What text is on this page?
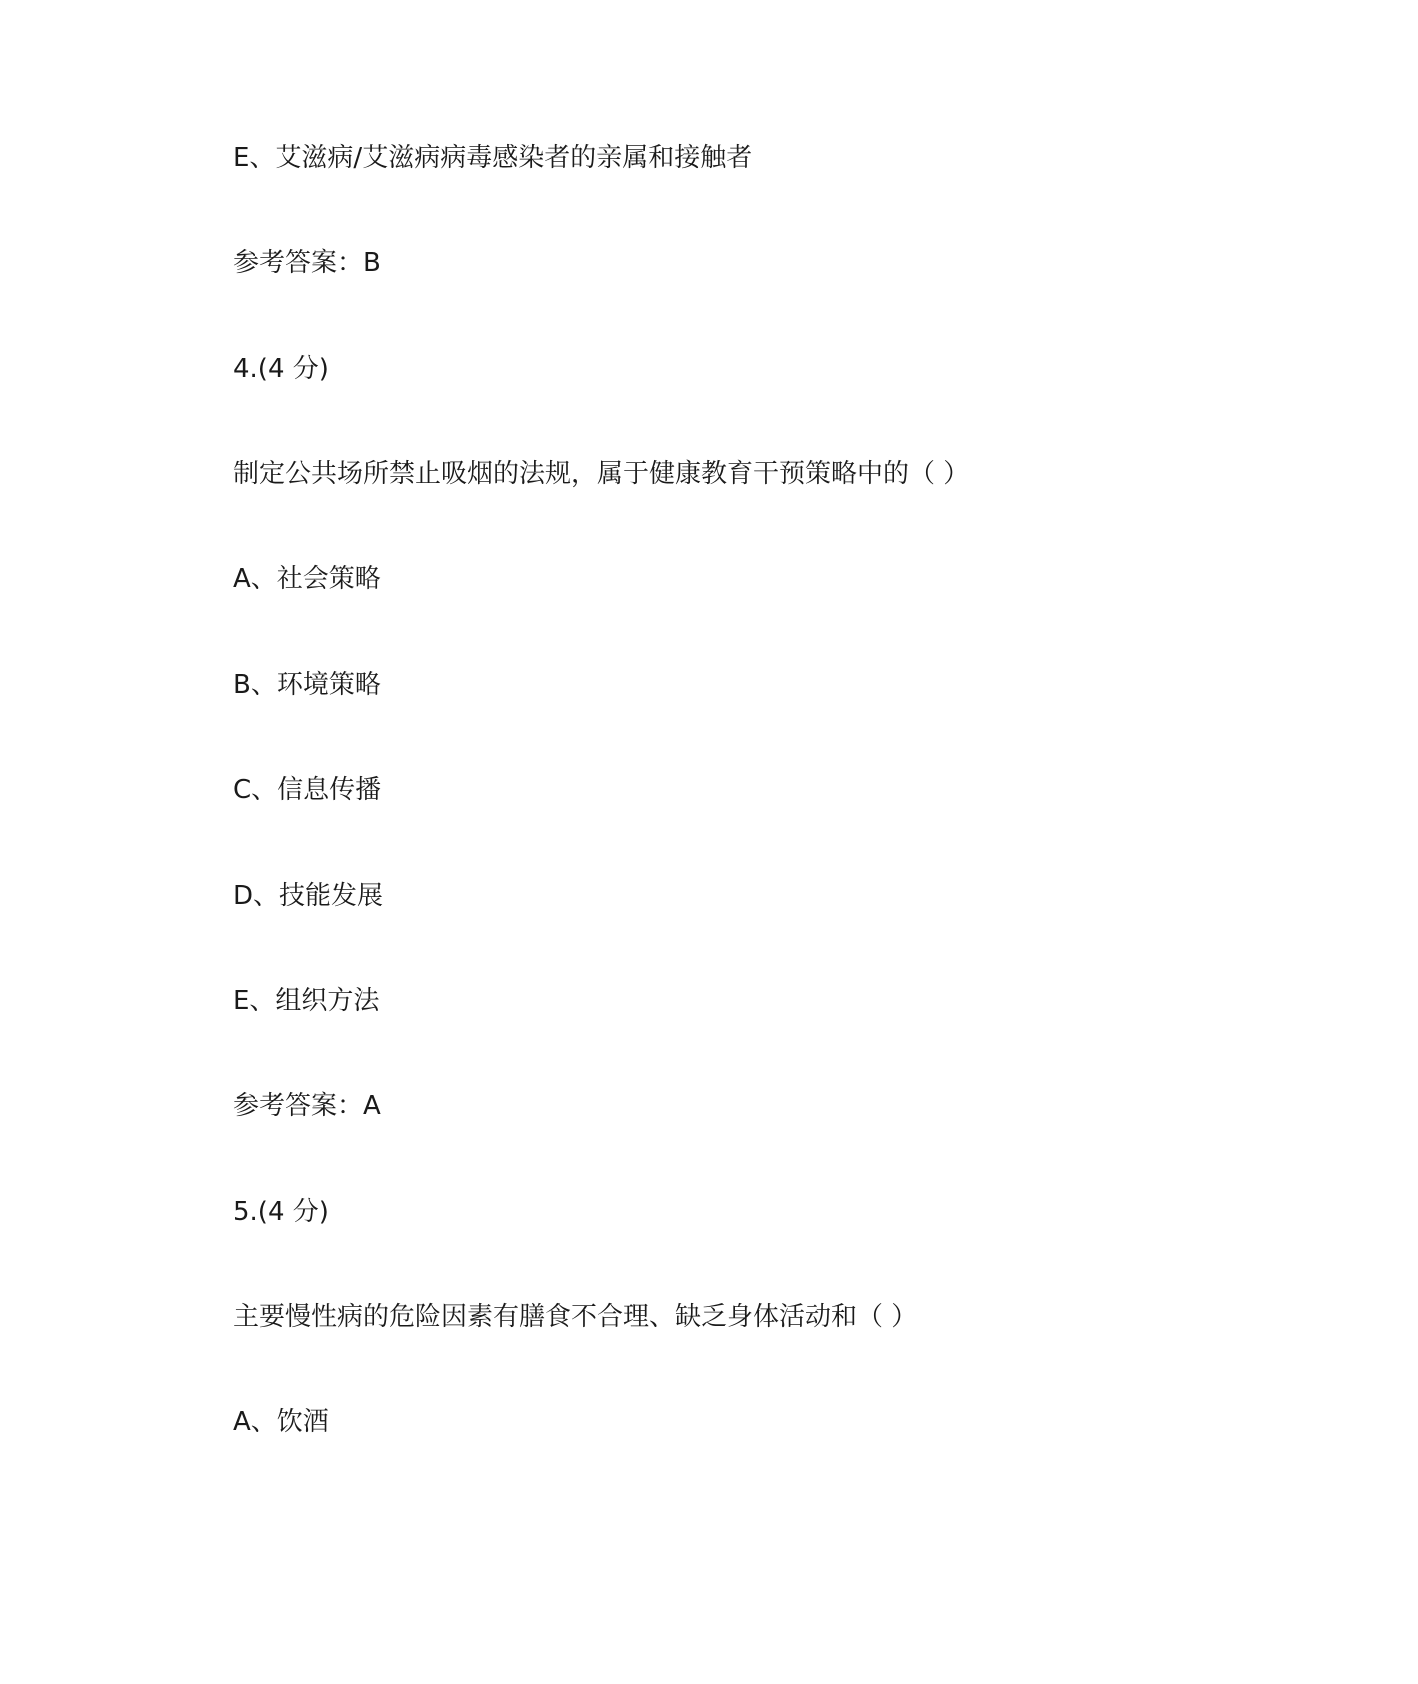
E、艾滋病/艾滋病病毒感染者的亲属和接触者
参考答案：B
4.(4 分)
制定公共场所禁止吸烟的法规，属于健康教育干预策略中的（ ）
A、社会策略
B、环境策略
C、信息传播
D、技能发展
E、组织方法
参考答案：A
5.(4 分)
主要慢性病的危险因素有膳食不合理、缺乏身体活动和（ ）
A、饮酒
